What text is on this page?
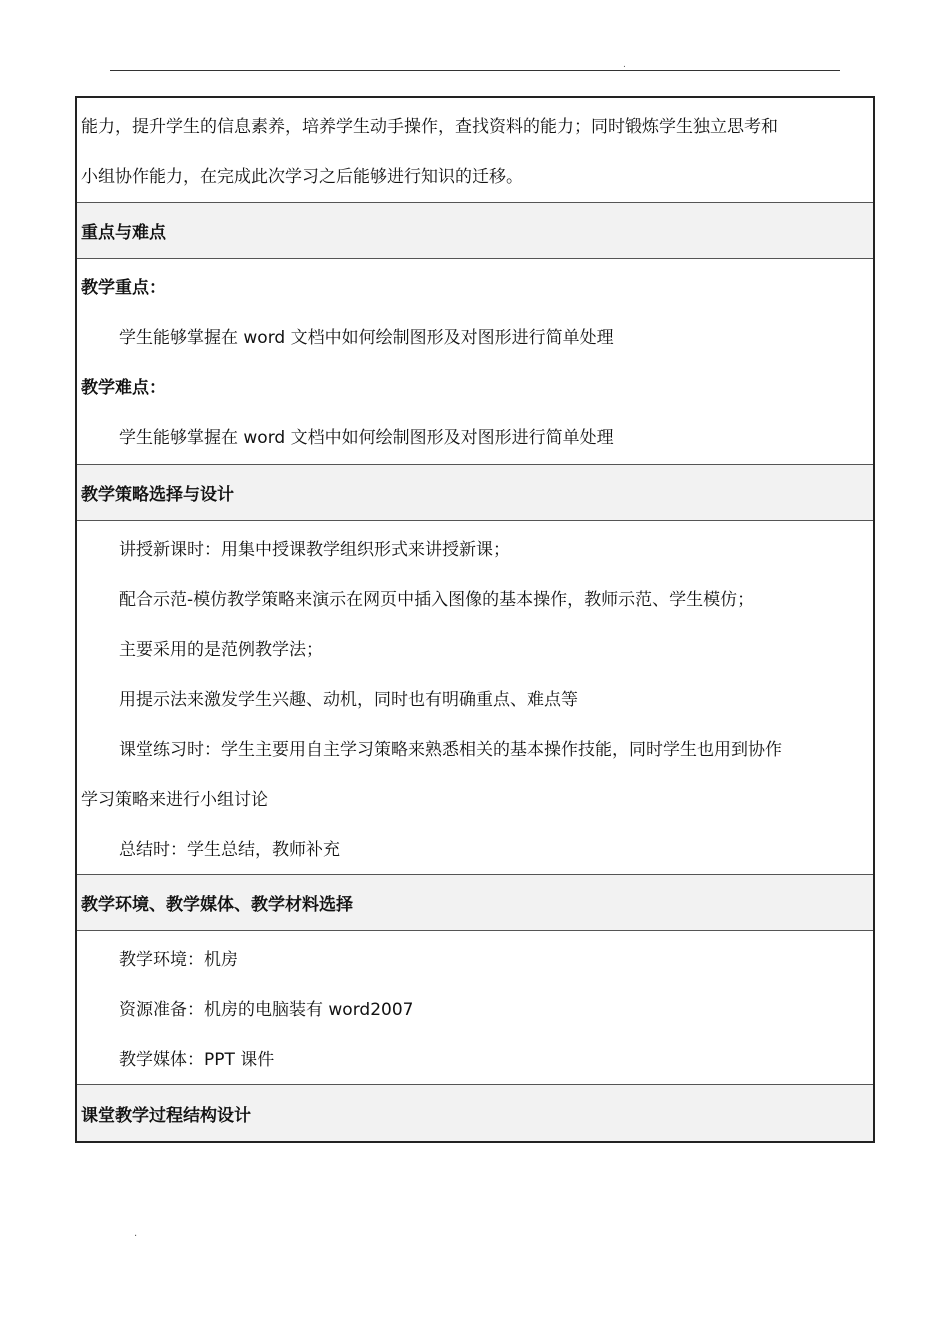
.

能力，提升学生的信息素养，培养学生动手操作，查找资料的能力；同时锻炼学生独立思考和

小组协作能力，在完成此次学习之后能够进行知识的迁移。

重点与难点

教学重点：

学生能够掌握在 word 文档中如何绘制图形及对图形进行简单处理

教学难点：

学生能够掌握在 word 文档中如何绘制图形及对图形进行简单处理

教学策略选择与设计

讲授新课时：用集中授课教学组织形式来讲授新课；

配合示范-模仿教学策略来演示在网页中插入图像的基本操作，教师示范、学生模仿；

主要采用的是范例教学法；

用提示法来激发学生兴趣、动机，同时也有明确重点、难点等

课堂练习时：学生主要用自主学习策略来熟悉相关的基本操作技能，同时学生也用到协作

学习策略来进行小组讨论

总结时：学生总结，教师补充

教学环境、教学媒体、教学材料选择

教学环境：机房

资源准备：机房的电脑装有 word2007

教学媒体：PPT 课件

课堂教学过程结构设计
.
